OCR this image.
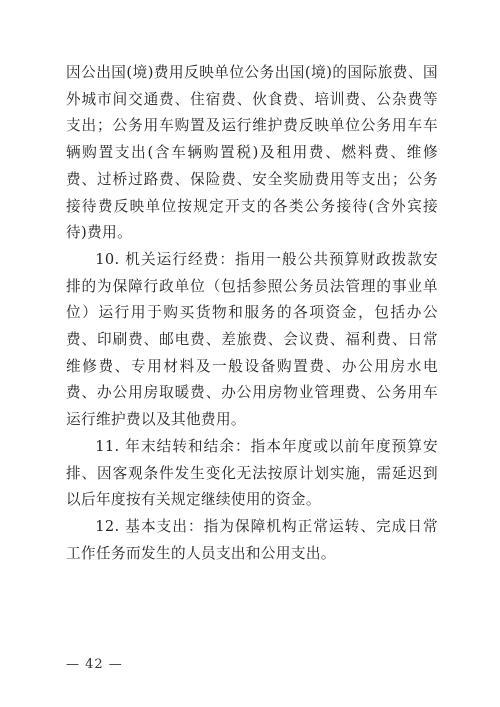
因公出国(境)费用反映单位公务出国(境)的国际旅费、国外城市间交通费、住宿费、伙食费、培训费、公杂费等支出；公务用车购置及运行维护费反映单位公务用车车辆购置支出(含车辆购置税)及租用费、燃料费、维修费、过桥过路费、保险费、安全奖励费用等支出；公务接待费反映单位按规定开支的各类公务接待(含外宾接待)费用。

10. 机关运行经费：指用一般公共预算财政拨款安排的为保障行政单位（包括参照公务员法管理的事业单位）运行用于购买货物和服务的各项资金，包括办公费、印刷费、邮电费、差旅费、会议费、福利费、日常维修费、专用材料及一般设备购置费、办公用房水电费、办公用房取暖费、办公用房物业管理费、公务用车运行维护费以及其他费用。

11. 年末结转和结余：指本年度或以前年度预算安排、因客观条件发生变化无法按原计划实施，需延迟到以后年度按有关规定继续使用的资金。

12. 基本支出：指为保障机构正常运转、完成日常工作任务而发生的人员支出和公用支出。

— 42 —
